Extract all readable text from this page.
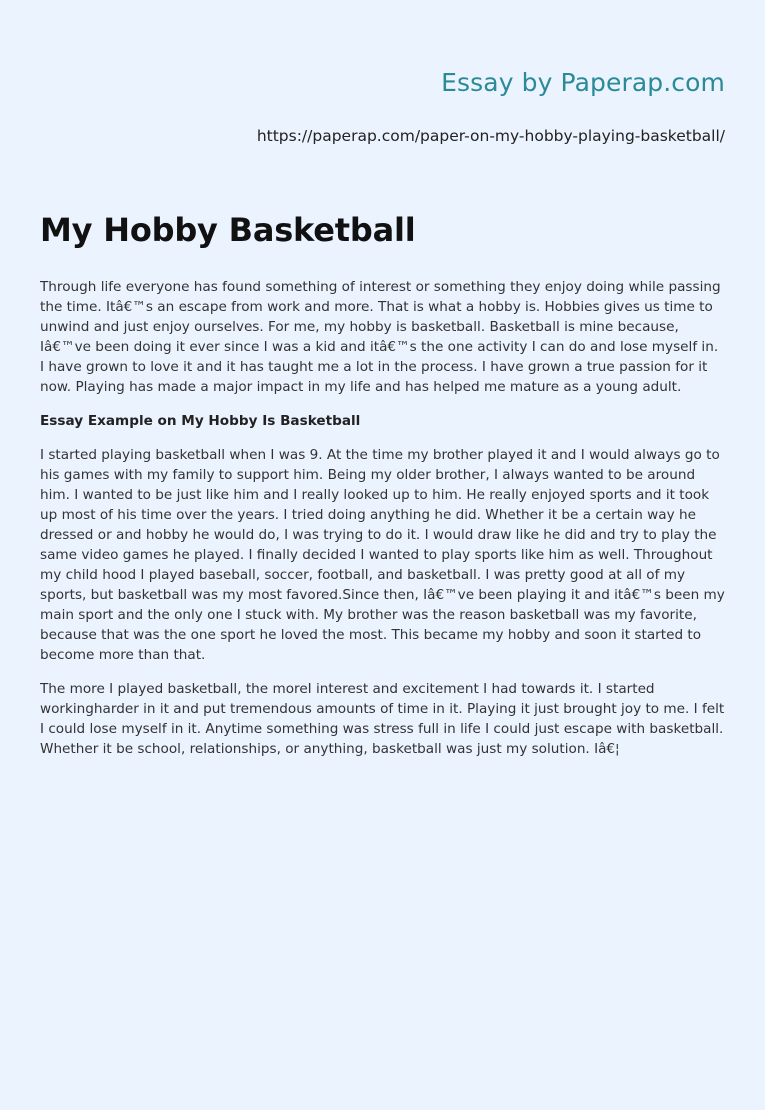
Essay by Paperap.com
https://paperap.com/paper-on-my-hobby-playing-basketball/
My Hobby Basketball

Through life everyone has found something of interest or something they enjoy doing while passing the time. Itâ€™s an escape from work and more. That is what a hobby is. Hobbies gives us time to unwind and just enjoy ourselves. For me, my hobby is basketball. Basketball is mine because, Iâ€™ve been doing it ever since I was a kid and itâ€™s the one activity I can do and lose myself in. I have grown to love it and it has taught me a lot in the process. I have grown a true passion for it now. Playing has made a major impact in my life and has helped me mature as a young adult.

Essay Example on My Hobby Is Basketball

I started playing basketball when I was 9. At the time my brother played it and I would always go to his games with my family to support him. Being my older brother, I always wanted to be around him. I wanted to be just like him and I really looked up to him. He really enjoyed sports and it took up most of his time over the years. I tried doing anything he did. Whether it be a certain way he dressed or and hobby he would do, I was trying to do it. I would draw like he did and try to play the same video games he played. I finally decided I wanted to play sports like him as well. Throughout my child hood I played baseball, soccer, football, and basketball. I was pretty good at all of my sports, but basketball was my most favored.Since then, Iâ€™ve been playing it and itâ€™s been my main sport and the only one I stuck with. My brother was the reason basketball was my favorite, because that was the one sport he loved the most. This became my hobby and soon it started to become more than that.

The more I played basketball, the moreI interest and excitement I had towards it. I started workingharder in it and put tremendous amounts of time in it. Playing it just brought joy to me. I felt I could lose myself in it. Anytime something was stress full in life I could just escape with basketball. Whether it be school, relationships, or anything, basketball was just my solution. Iâ€¦
